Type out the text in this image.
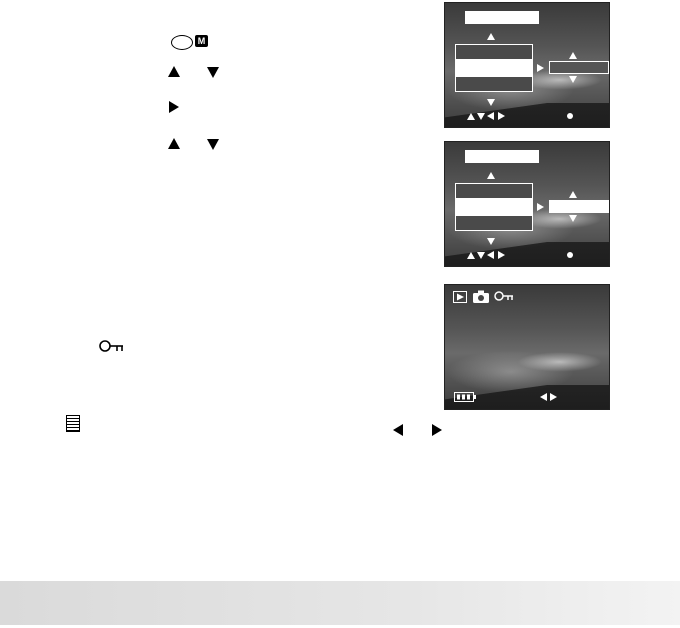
M
